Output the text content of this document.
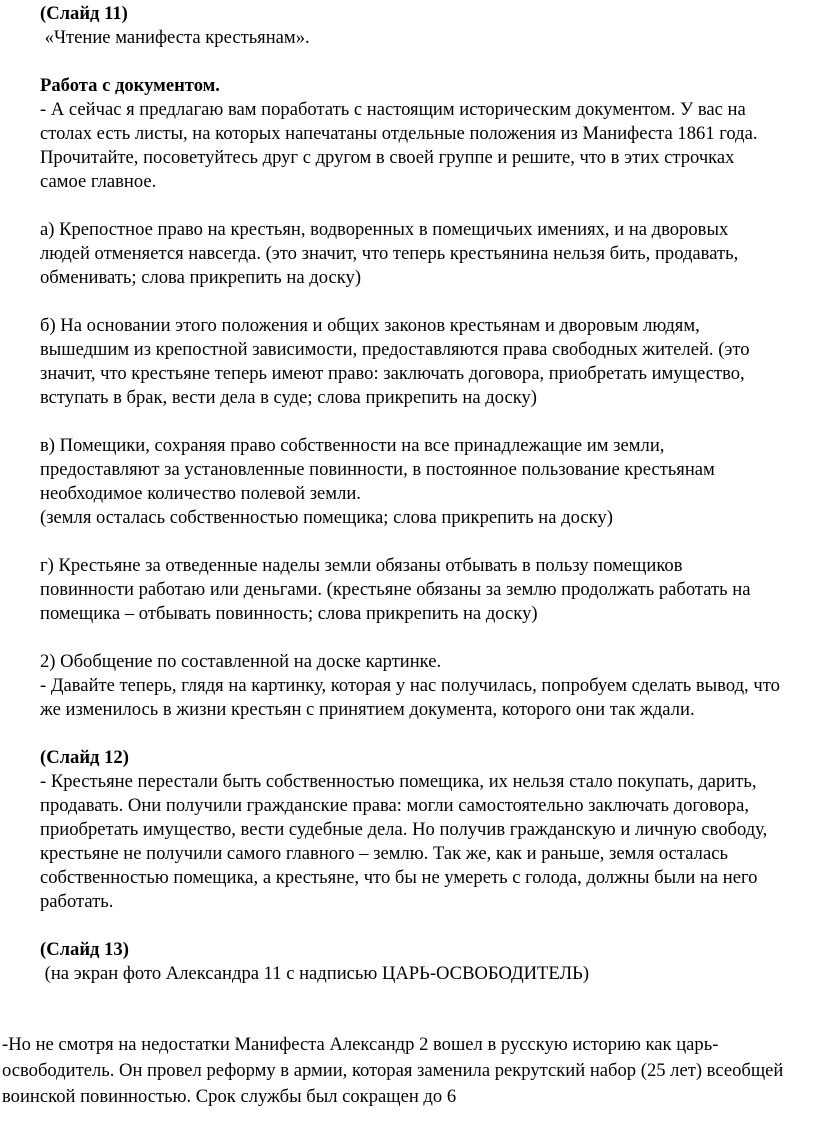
(Слайд 11)

«Чтение манифеста крестьянам».

Работа с документом.

- А сейчас я предлагаю вам поработать с настоящим историческим документом. У вас на столах есть листы, на которых напечатаны отдельные положения из Манифеста 1861 года. Прочитайте, посоветуйтесь друг с другом в своей группе и решите, что в этих строчках самое главное.

а) Крепостное право на крестьян, водворенных в помещичьих имениях, и на дворовых людей отменяется навсегда. (это значит, что теперь крестьянина нельзя бить, продавать, обменивать; слова прикрепить на доску)

б) На основании этого положения и общих законов крестьянам и дворовым людям, вышедшим из крепостной зависимости, предоставляются права свободных жителей. (это значит, что крестьяне теперь имеют право: заключать договора, приобретать имущество, вступать в брак, вести дела в суде; слова прикрепить на доску)

в) Помещики, сохраняя право собственности на все принадлежащие им земли, предоставляют за установленные повинности, в постоянное пользование крестьянам необходимое количество полевой земли.

(земля осталась собственностью помещика; слова прикрепить на доску)

г) Крестьяне за отведенные наделы земли обязаны отбывать в пользу помещиков повинности работаю или деньгами. (крестьяне обязаны за землю продолжать работать на помещика – отбывать повинность; слова прикрепить на доску)

2) Обобщение по составленной на доске картинке.

- Давайте теперь, глядя на картинку, которая у нас получилась, попробуем сделать вывод, что же изменилось в жизни крестьян с принятием документа, которого они так ждали.

(Слайд 12)

- Крестьяне перестали быть собственностью помещика, их нельзя стало покупать, дарить, продавать. Они получили гражданские права: могли самостоятельно заключать договора, приобретать имущество, вести судебные дела. Но получив гражданскую и личную свободу, крестьяне не получили самого главного – землю. Так же, как и раньше, земля осталась собственностью помещика, а крестьяне, что бы не умереть с голода, должны были на него работать.

(Слайд 13)

(на экран фото Александра 11 с надписью ЦАРЬ-ОСВОБОДИТЕЛЬ)

-Но не смотря на недостатки Манифеста Александр 2 вошел в русскую историю как царь-освободитель. Он провел реформу в армии, которая заменила рекрутский набор (25 лет) всеобщей воинской повинностью. Срок службы был сокращен до 6
